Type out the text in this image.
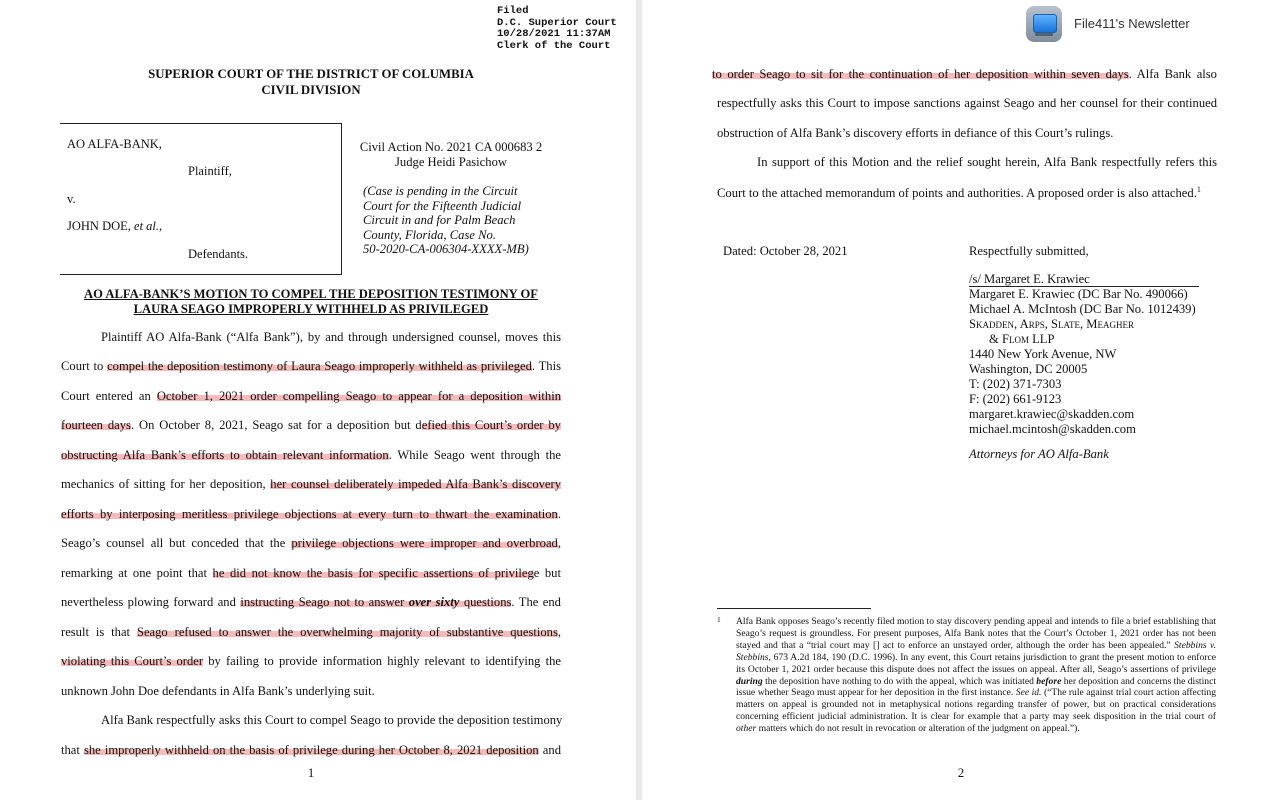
Filed
D.C. Superior Court
10/28/2021 11:37AM
Clerk of the Court
SUPERIOR COURT OF THE DISTRICT OF COLUMBIA
CIVIL DIVISION
AO ALFA-BANK,
Plaintiff,
v.
JOHN DOE, et al.,
Defendants.
Civil Action No. 2021 CA 000683 2
Judge Heidi Pasichow
(Case is pending in the Circuit
Court for the Fifteenth Judicial
Circuit in and for Palm Beach
County, Florida, Case No.
50-2020-CA-006304-XXXX-MB)
AO ALFA-BANK’S MOTION TO COMPEL THE DEPOSITION TESTIMONY OF
LAURA SEAGO IMPROPERLY WITHHELD AS PRIVILEGED
Plaintiff AO Alfa-Bank (“Alfa Bank”), by and through undersigned counsel, moves this
Court to compel the deposition testimony of Laura Seago improperly withheld as privileged. This
Court entered an October 1, 2021 order compelling Seago to appear for a deposition within
fourteen days. On October 8, 2021, Seago sat for a deposition but defied this Court’s order by
obstructing Alfa Bank’s efforts to obtain relevant information. While Seago went through the
mechanics of sitting for her deposition, her counsel deliberately impeded Alfa Bank’s discovery
efforts by interposing meritless privilege objections at every turn to thwart the examination.
Seago’s counsel all but conceded that the privilege objections were improper and overbroad,
remarking at one point that he did not know the basis for specific assertions of privilege but
nevertheless plowing forward and instructing Seago not to answer over sixty questions. The end
result is that Seago refused to answer the overwhelming majority of substantive questions,
violating this Court’s order by failing to provide information highly relevant to identifying the
unknown John Doe defendants in Alfa Bank’s underlying suit.
Alfa Bank respectfully asks this Court to compel Seago to provide the deposition testimony
that she improperly withheld on the basis of privilege during her October 8, 2021 deposition and
1
to order Seago to sit for the continuation of her deposition within seven days. Alfa Bank also
respectfully asks this Court to impose sanctions against Seago and her counsel for their continued
obstruction of Alfa Bank’s discovery efforts in defiance of this Court’s rulings.
In support of this Motion and the relief sought herein, Alfa Bank respectfully refers this
Court to the attached memorandum of points and authorities. A proposed order is also attached.$^1$
Dated: October 28, 2021	Respectfully submitted,
/s/ Margaret E. Krawiec
Margaret E. Krawiec (DC Bar No. 490066)
Michael A. McIntosh (DC Bar No. 1012439)
Skadden, Arps, Slate, Meagher
& Flom LLP
1440 New York Avenue, NW
Washington, DC 20005
T: (202) 371-7303
F: (202) 661-9123
margaret.krawiec@skadden.com
michael.mcintosh@skadden.com
Attorneys for AO Alfa-Bank
1 Alfa Bank opposes Seago’s recently filed motion to stay discovery pending appeal and intends to file a brief establishing that Seago’s request is groundless. For present purposes, Alfa Bank notes that the Court’s October 1, 2021 order has not been stayed and that a “trial court may [] act to enforce an unstayed order, although the order has been appealed.” Stebbins v. Stebbins, 673 A.2d 184, 190 (D.C. 1996). In any event, this Court retains jurisdiction to grant the present motion to enforce its October 1, 2021 order because this dispute does not affect the issues on appeal. After all, Seago’s assertions of privilege during the deposition have nothing to do with the appeal, which was initiated before her deposition and concerns the distinct issue whether Seago must appear for her deposition in the first instance. See id. (“The rule against trial court action affecting matters on appeal is grounded not in metaphysical notions regarding transfer of power, but on practical considerations concerning efficient judicial administration. It is clear for example that a party may seek disposition in the trial court of other matters which do not result in revocation or alteration of the judgment on appeal.”).
2
File411's Newsletter
